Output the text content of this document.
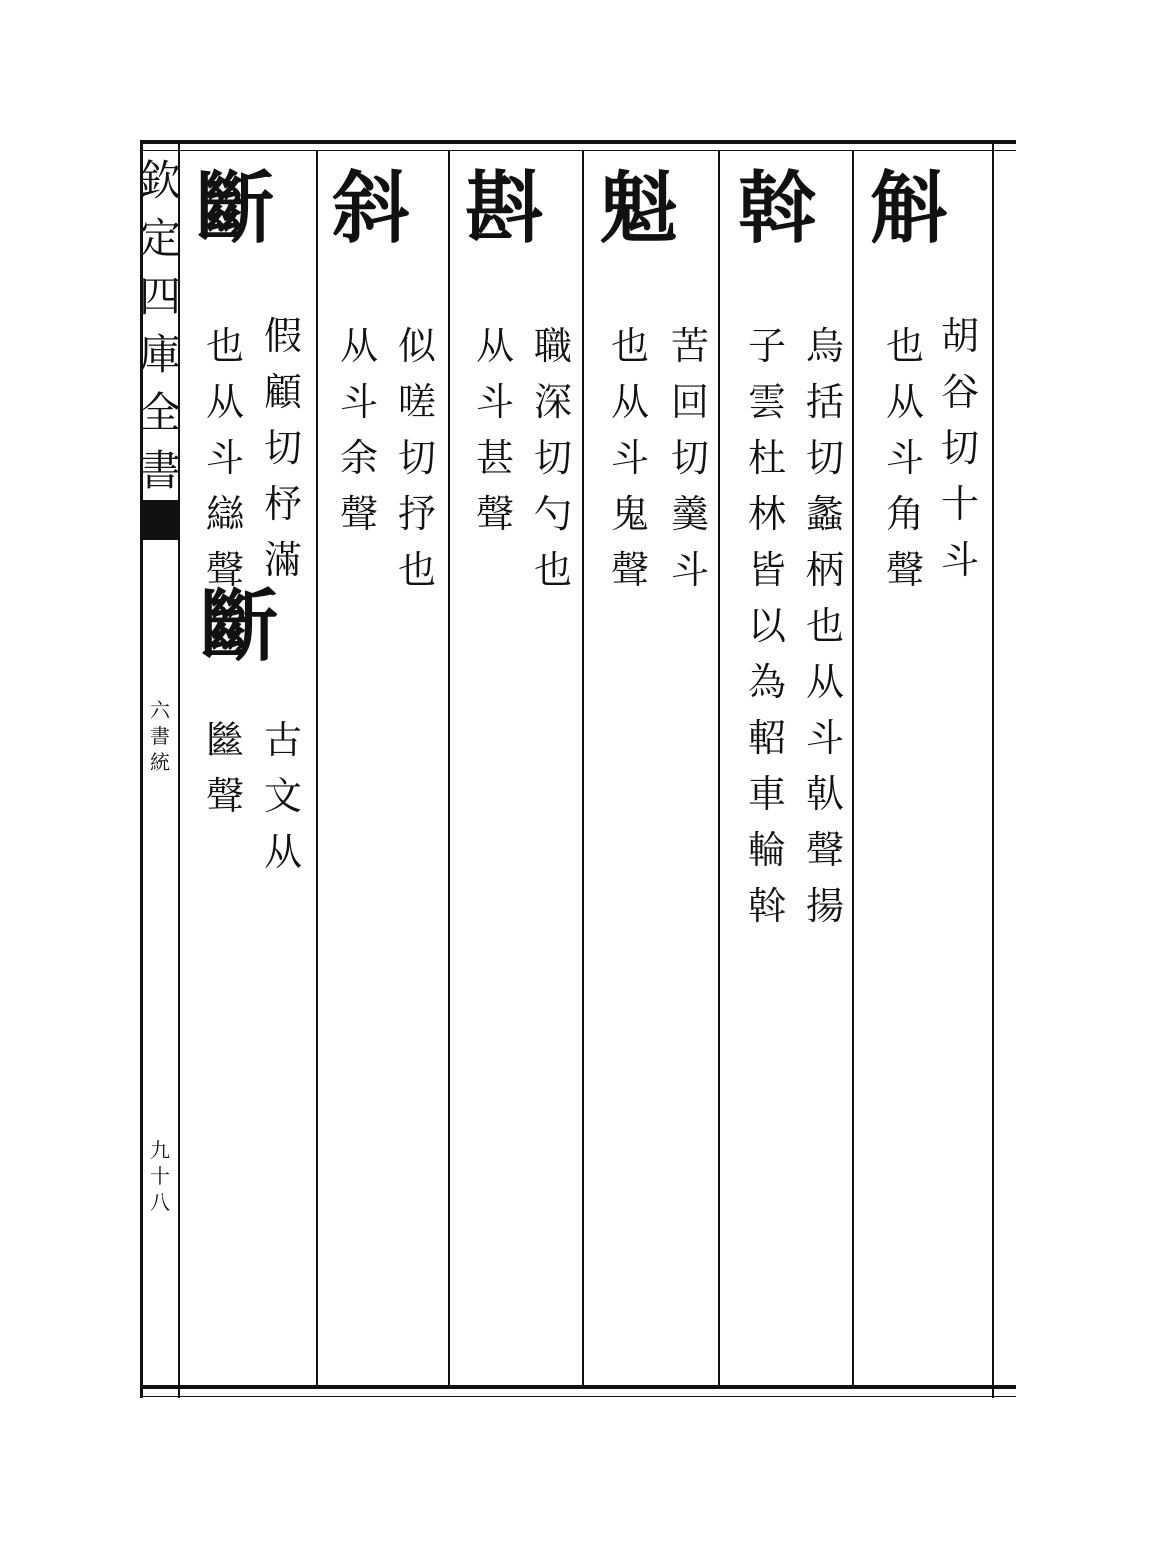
欽
定
四
庫
全
書
六
書
統
九
十
八
斛
胡
谷
切
十
斗
也
从
斗
角
聲
斡
烏
括
切
蠡
柄
也
从
斗
倝
聲
揚
子
雲
杜
林
皆
以
為
軺
車
輪
斡
魁
苦
回
切
羹
斗
也
从
斗
鬼
聲
斟
職
深
切
勺
也
从
斗
甚
聲
斜
似
嗟
切
抒
也
从
斗
余
聲
斷
假
顧
切
杼
滿
也
从
斗
䜌
聲
斷
古
文
从
㡭
聲
